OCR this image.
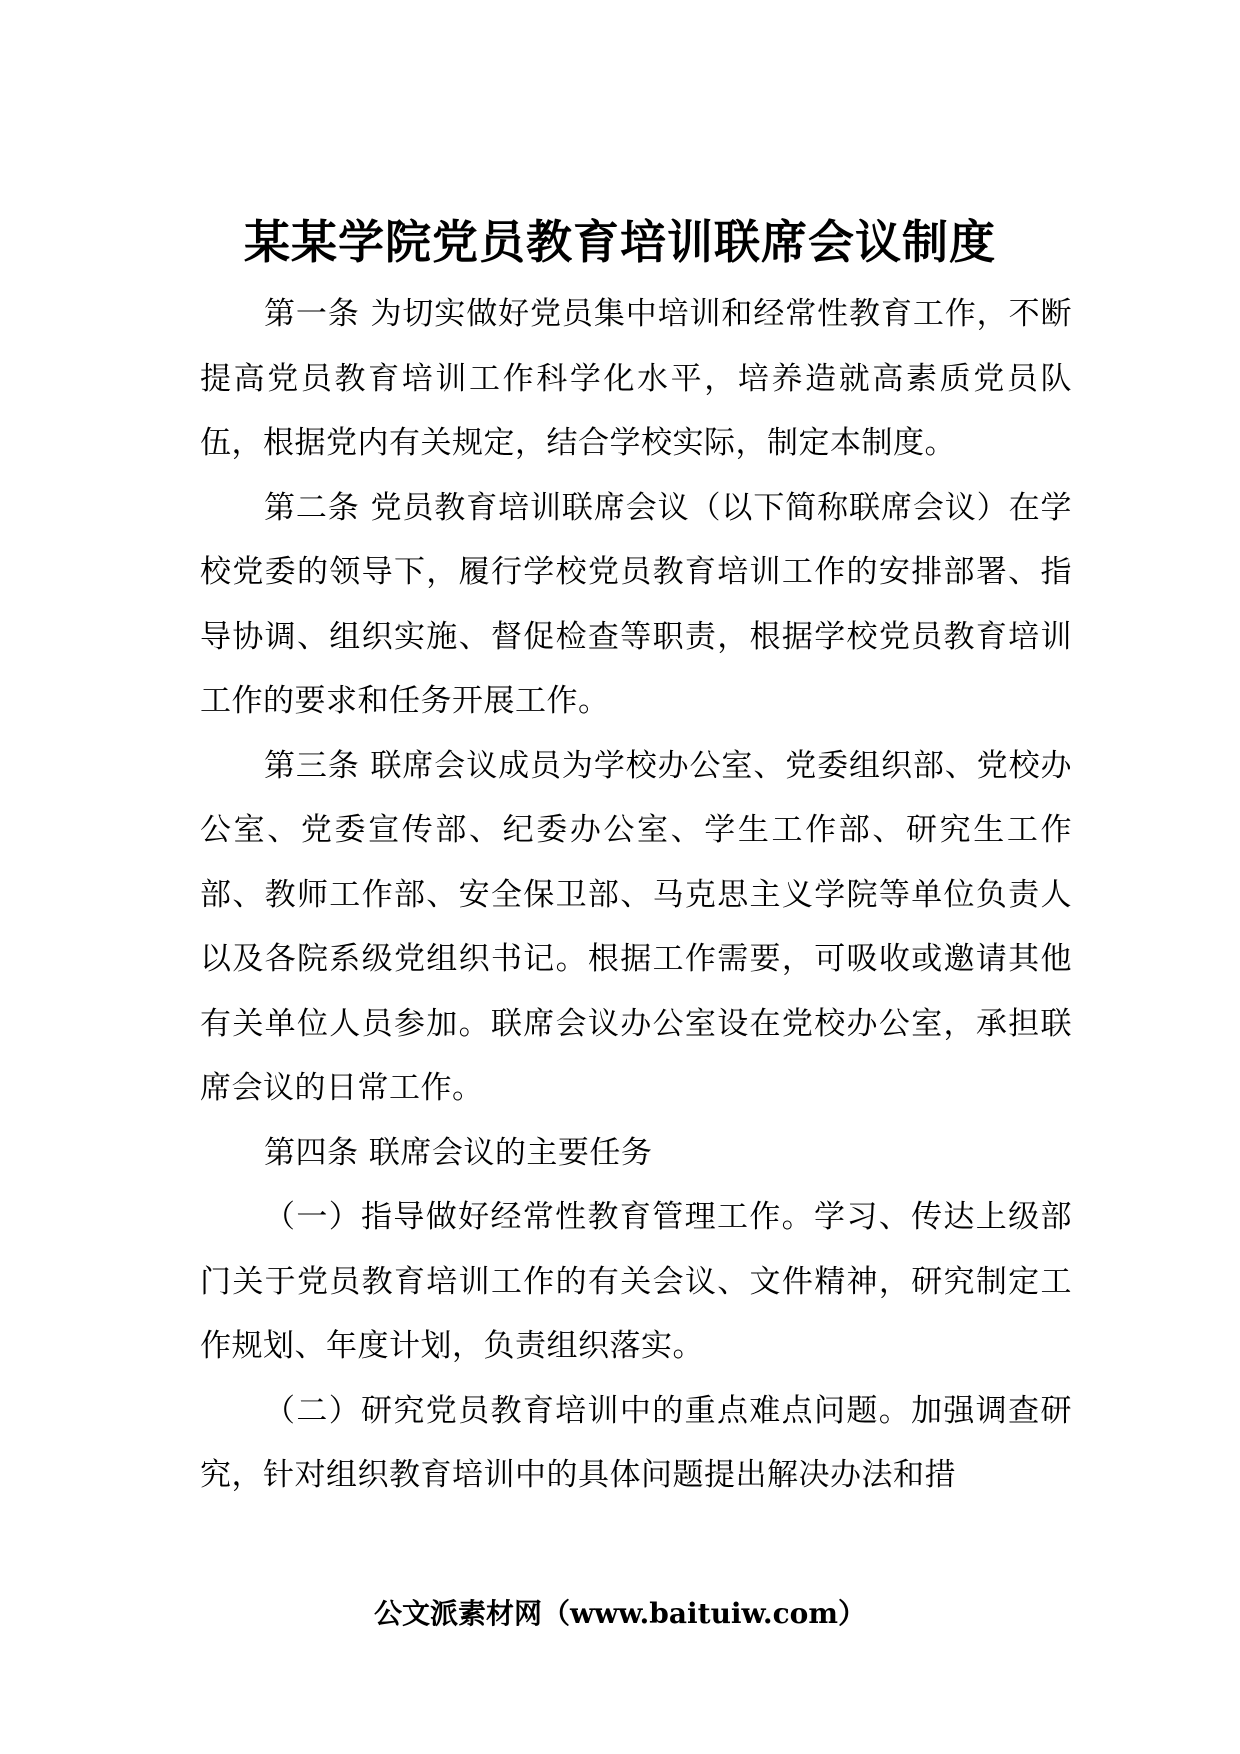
某某学院党员教育培训联席会议制度

第一条 为切实做好党员集中培训和经常性教育工作，不断提高党员教育培训工作科学化水平，培养造就高素质党员队伍，根据党内有关规定，结合学校实际，制定本制度。

第二条 党员教育培训联席会议（以下简称联席会议）在学校党委的领导下，履行学校党员教育培训工作的安排部署、指导协调、组织实施、督促检查等职责，根据学校党员教育培训工作的要求和任务开展工作。

第三条 联席会议成员为学校办公室、党委组织部、党校办公室、党委宣传部、纪委办公室、学生工作部、研究生工作部、教师工作部、安全保卫部、马克思主义学院等单位负责人以及各院系级党组织书记。根据工作需要，可吸收或邀请其他有关单位人员参加。联席会议办公室设在党校办公室，承担联席会议的日常工作。

第四条 联席会议的主要任务

（一）指导做好经常性教育管理工作。学习、传达上级部门关于党员教育培训工作的有关会议、文件精神，研究制定工作规划、年度计划，负责组织落实。

（二）研究党员教育培训中的重点难点问题。加强调查研究，针对组织教育培训中的具体问题提出解决办法和措

公文派素材网（www.baituiw.com）
